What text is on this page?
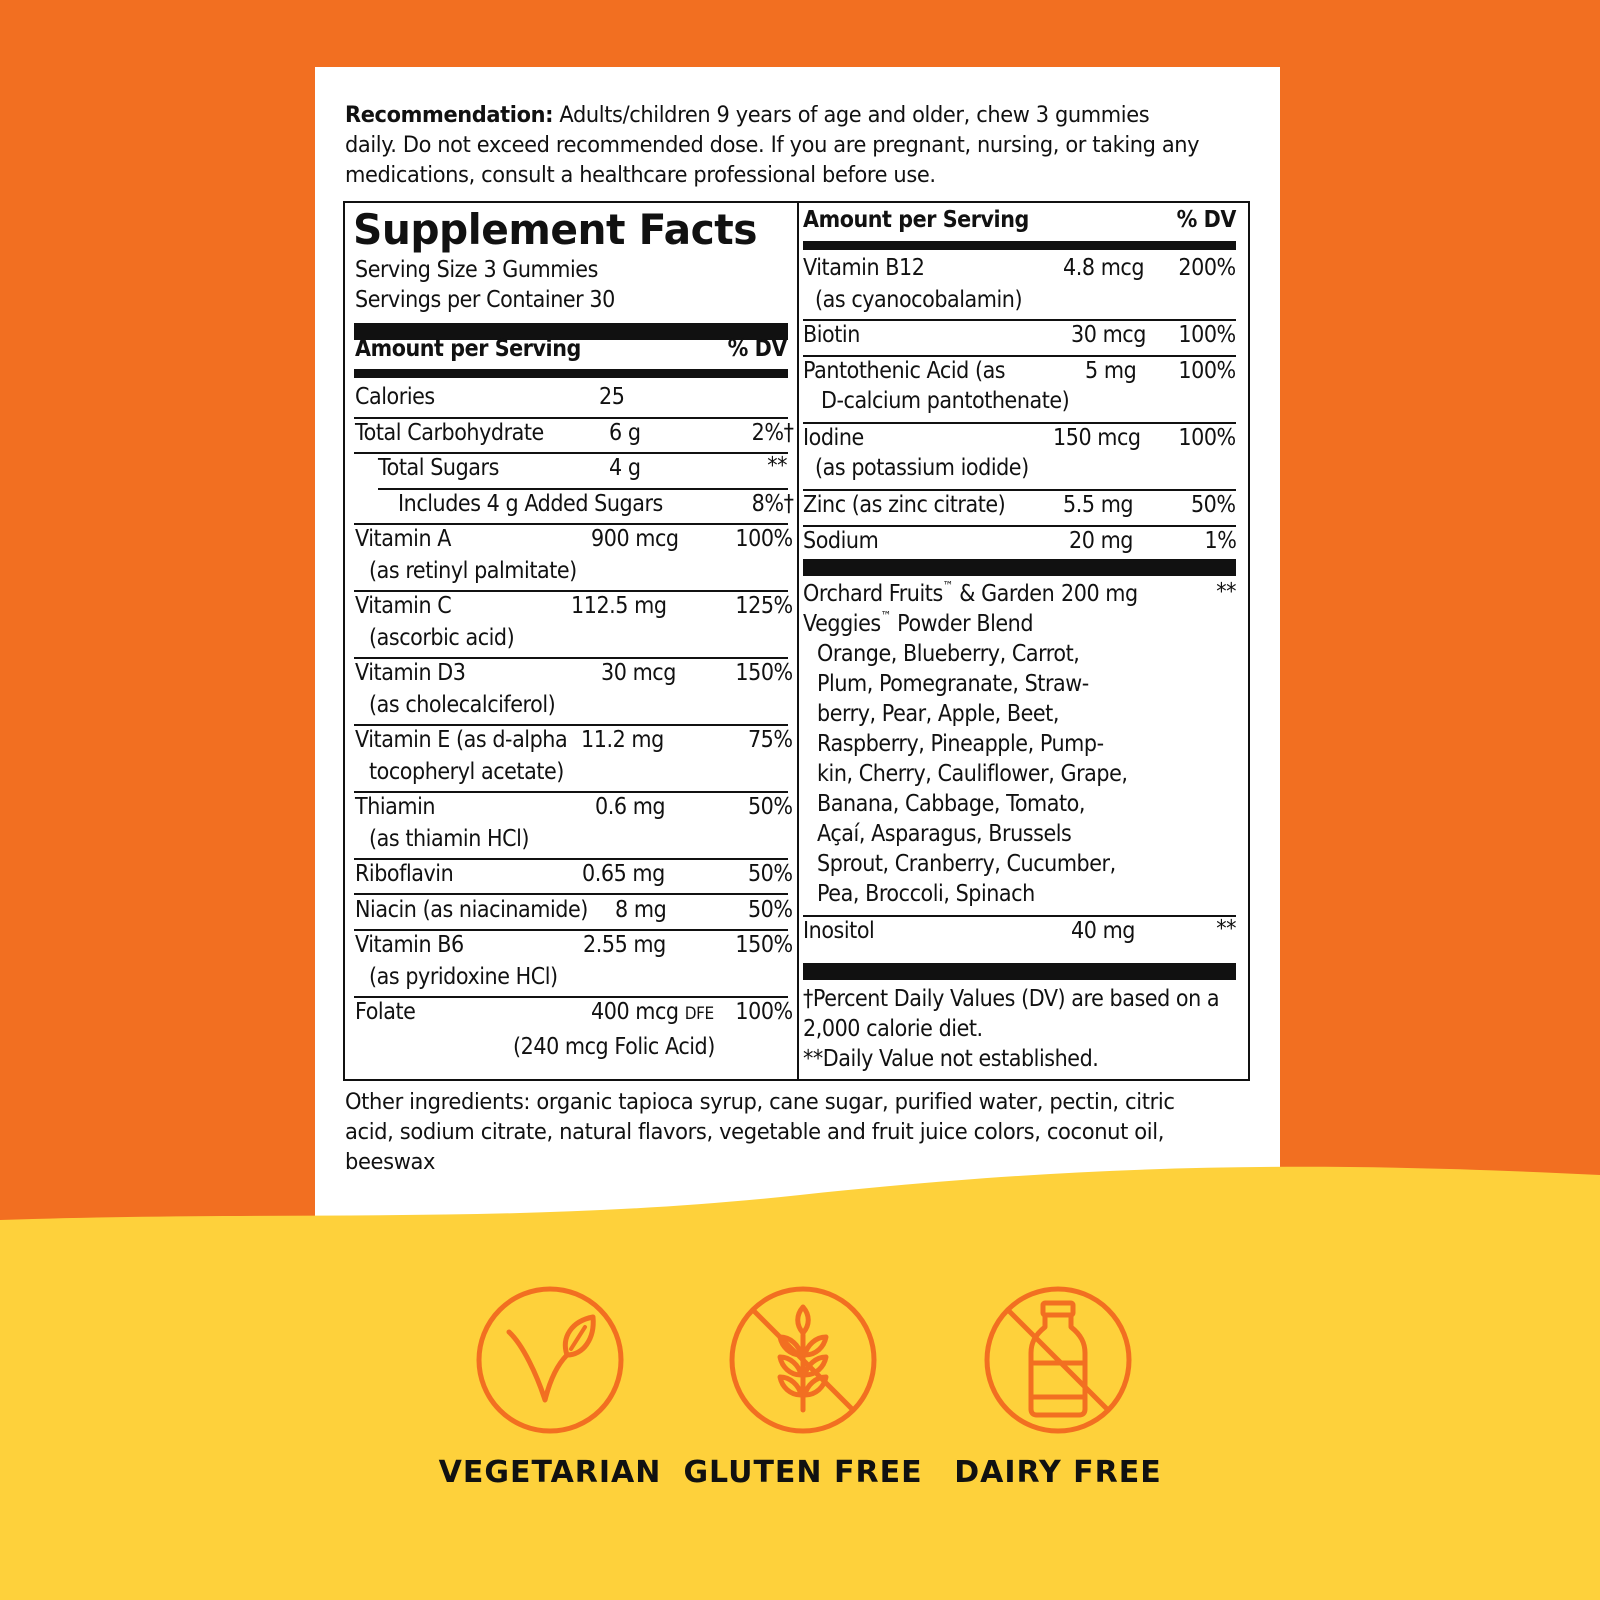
Recommendation: Adults/children 9 years of age and older, chew 3 gummies daily. Do not exceed recommended dose. If you are pregnant, nursing, or taking any medications, consult a healthcare professional before use.
Supplement Facts
Serving Size 3 Gummies
Servings per Container 30
Amount per Serving	% DV
Calories	25
Total Carbohydrate	6 g	2%†
Total Sugars	4 g	**
Includes 4 g Added Sugars	8%†
Vitamin A	900 mcg 100%
(as retinyl palmitate)
Vitamin C	112.5 mg	125%
(ascorbic acid)
Vitamin D3	30 mcg	150%
(as cholecalciferol)
Vitamin E (as d-alpha 11.2 mg	75%
tocopheryl acetate)
Thiamin	0.6 mg	50%
(as thiamin HCl)
Riboflavin	0.65 mg	50%
Niacin (as niacinamide) 8 mg	50%
Vitamin B6	2.55 mg	150%
(as pyridoxine HCl)
Folate	400 mcg DFE 100%
(240 mcg Folic Acid)
Amount per Serving	% DV
Vitamin B12	4.8 mcg 200%
(as cyanocobalamin)
Biotin	30 mcg 100%
Pantothenic Acid (as	5 mg 100%
D-calcium pantothenate)
Iodine	150 mcg 100%
(as potassium iodide)
Zinc (as zinc citrate)	5.5 mg	50%
Sodium	20 mg	1%
Orchard Fruits™ & Garden 200 mg	**
Veggies™ Powder Blend
Orange, Blueberry, Carrot,
Plum, Pomegranate, Straw-
berry, Pear, Apple, Beet,
Raspberry, Pineapple, Pump-
kin, Cherry, Cauliflower, Grape,
Banana, Cabbage, Tomato,
Açaí, Asparagus, Brussels
Sprout, Cranberry, Cucumber,
Pea, Broccoli, Spinach
Inositol	40 mg	**
†Percent Daily Values (DV) are based on a
2,000 calorie diet.
**Daily Value not established.
Other ingredients: organic tapioca syrup, cane sugar, purified water, pectin, citric acid, sodium citrate, natural flavors, vegetable and fruit juice colors, coconut oil, beeswax
VEGETARIAN GLUTEN FREE	DAIRY FREE
